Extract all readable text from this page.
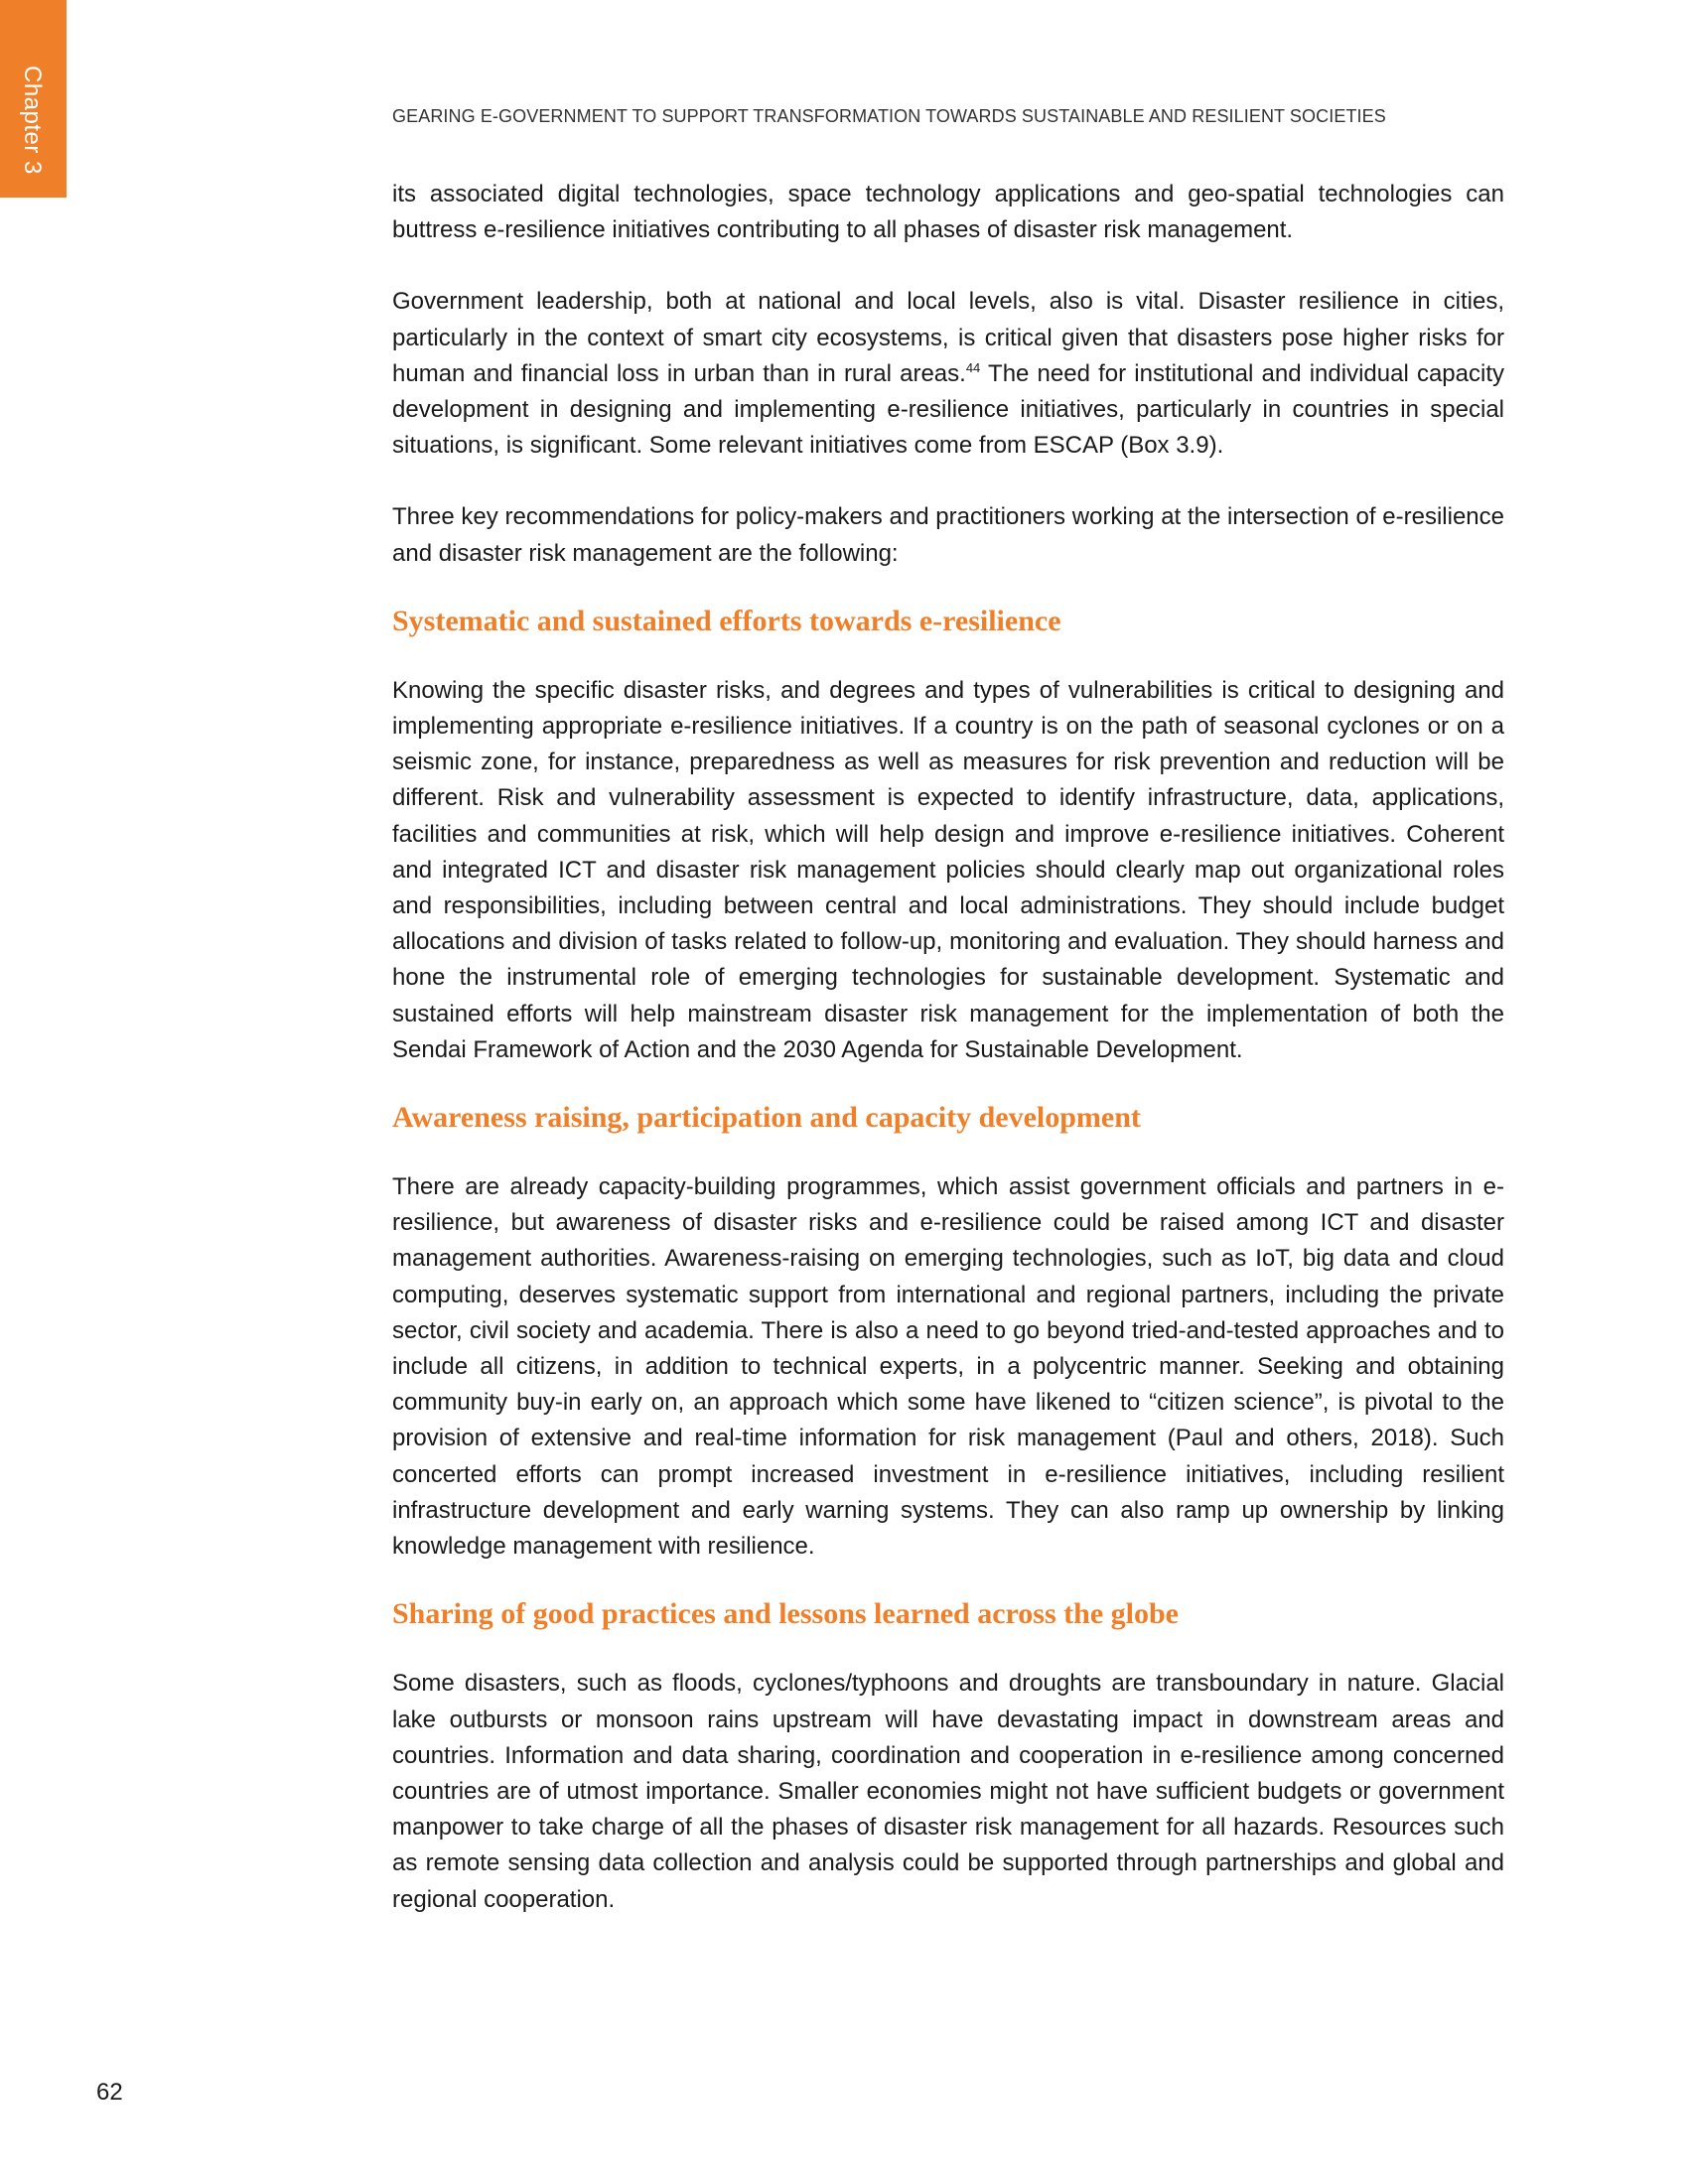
Chapter 3	GEARING E-GOVERNMENT TO SUPPORT TRANSFORMATION TOWARDS SUSTAINABLE AND RESILIENT SOCIETIES

its associated digital technologies, space technology applications and geo-spatial technologies can buttress e-resilience initiatives contributing to all phases of disaster risk management.

Government leadership, both at national and local levels, also is vital. Disaster resilience in cities, particularly in the context of smart city ecosystems, is critical given that disasters pose higher risks for human and financial loss in urban than in rural areas.$^{44}$ The need for institutional and individual capacity development in designing and implementing e-resilience initiatives, particularly in countries in special situations, is significant. Some relevant initiatives come from ESCAP (Box 3.9).

Three key recommendations for policy-makers and practitioners working at the intersection of e-resilience and disaster risk management are the following:

Systematic and sustained efforts towards e-resilience

Knowing the specific disaster risks, and degrees and types of vulnerabilities is critical to designing and implementing appropriate e-resilience initiatives. If a country is on the path of seasonal cyclones or on a seismic zone, for instance, preparedness as well as measures for risk prevention and reduction will be different. Risk and vulnerability assessment is expected to identify infrastructure, data, applications, facilities and communities at risk, which will help design and improve e-resilience initiatives. Coherent and integrated ICT and disaster risk management policies should clearly map out organizational roles and responsibilities, including between central and local administrations. They should include budget allocations and division of tasks related to follow-up, monitoring and evaluation. They should harness and hone the instrumental role of emerging technologies for sustainable development. Systematic and sustained efforts will help mainstream disaster risk management for the implementation of both the Sendai Framework of Action and the 2030 Agenda for Sustainable Development.

Awareness raising, participation and capacity development

There are already capacity-building programmes, which assist government officials and partners in e-resilience, but awareness of disaster risks and e-resilience could be raised among ICT and disaster management authorities. Awareness-raising on emerging technologies, such as IoT, big data and cloud computing, deserves systematic support from international and regional partners, including the private sector, civil society and academia. There is also a need to go beyond tried-and-tested approaches and to include all citizens, in addition to technical experts, in a polycentric manner. Seeking and obtaining community buy-in early on, an approach which some have likened to “citizen science”, is pivotal to the provision of extensive and real-time information for risk management (Paul and others, 2018). Such concerted efforts can prompt increased investment in e-resilience initiatives, including resilient infrastructure development and early warning systems. They can also ramp up ownership by linking knowledge management with resilience.

Sharing of good practices and lessons learned across the globe

Some disasters, such as floods, cyclones/typhoons and droughts are transboundary in nature. Glacial lake outbursts or monsoon rains upstream will have devastating impact in downstream areas and countries. Information and data sharing, coordination and cooperation in e-resilience among concerned countries are of utmost importance. Smaller economies might not have sufficient budgets or government manpower to take charge of all the phases of disaster risk management for all hazards. Resources such as remote sensing data collection and analysis could be supported through partnerships and global and regional cooperation.

62
